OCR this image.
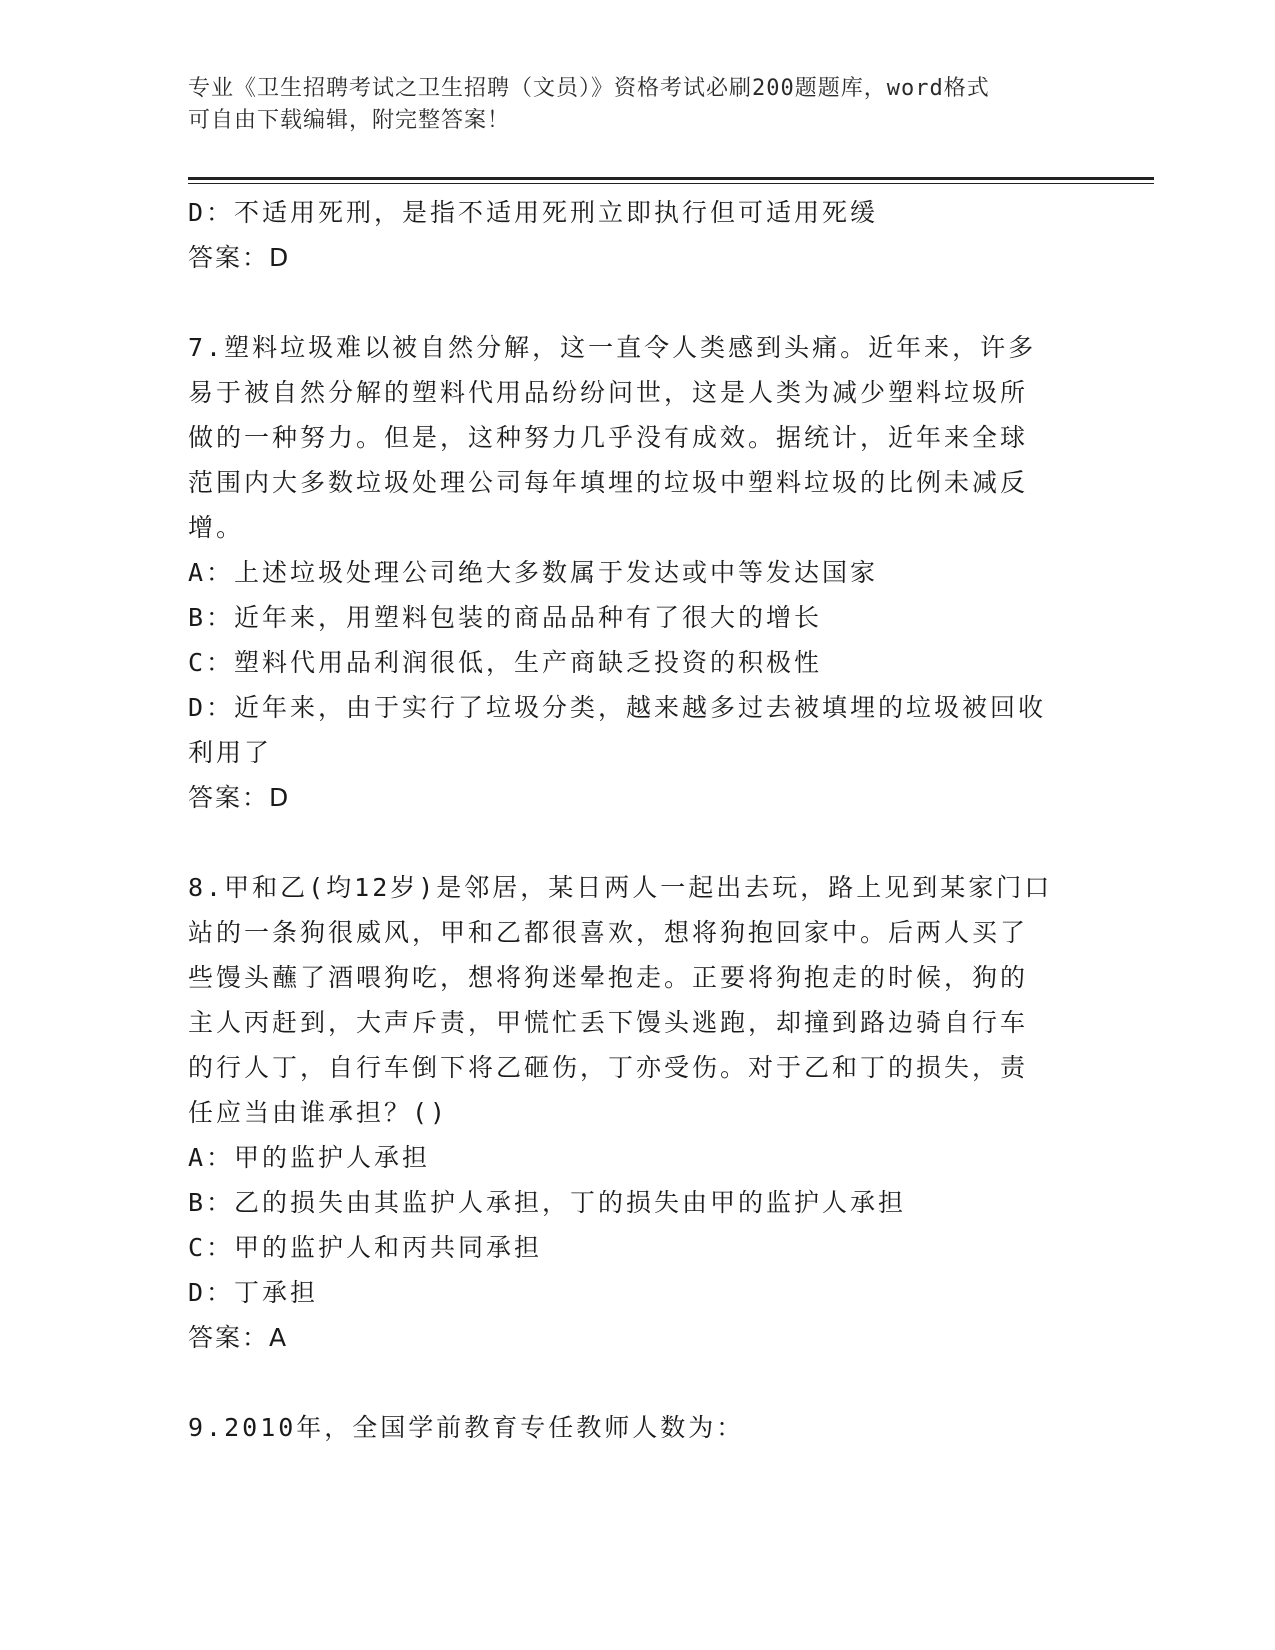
专业《卫生招聘考试之卫生招聘（文员）》资格考试必刷200题题库，word格式
可自由下载编辑，附完整答案！

D：不适用死刑，是指不适用死刑立即执行但可适用死缓

答案：D

7.塑料垃圾难以被自然分解，这一直令人类感到头痛。近年来，许多

易于被自然分解的塑料代用品纷纷问世，这是人类为减少塑料垃圾所

做的一种努力。但是，这种努力几乎没有成效。据统计，近年来全球

范围内大多数垃圾处理公司每年填埋的垃圾中塑料垃圾的比例未减反

增。

A：上述垃圾处理公司绝大多数属于发达或中等发达国家

B：近年来，用塑料包装的商品品种有了很大的增长

C：塑料代用品利润很低，生产商缺乏投资的积极性

D：近年来，由于实行了垃圾分类，越来越多过去被填埋的垃圾被回收

利用了

答案：D

8.甲和乙(均12岁)是邻居，某日两人一起出去玩，路上见到某家门口

站的一条狗很威风，甲和乙都很喜欢，想将狗抱回家中。后两人买了

些馒头蘸了酒喂狗吃，想将狗迷晕抱走。正要将狗抱走的时候，狗的

主人丙赶到，大声斥责，甲慌忙丢下馒头逃跑，却撞到路边骑自行车

的行人丁，自行车倒下将乙砸伤，丁亦受伤。对于乙和丁的损失，责

任应当由谁承担？()

A：甲的监护人承担

B：乙的损失由其监护人承担，丁的损失由甲的监护人承担

C：甲的监护人和丙共同承担

D：丁承担

答案：A

9.2010年，全国学前教育专任教师人数为：
